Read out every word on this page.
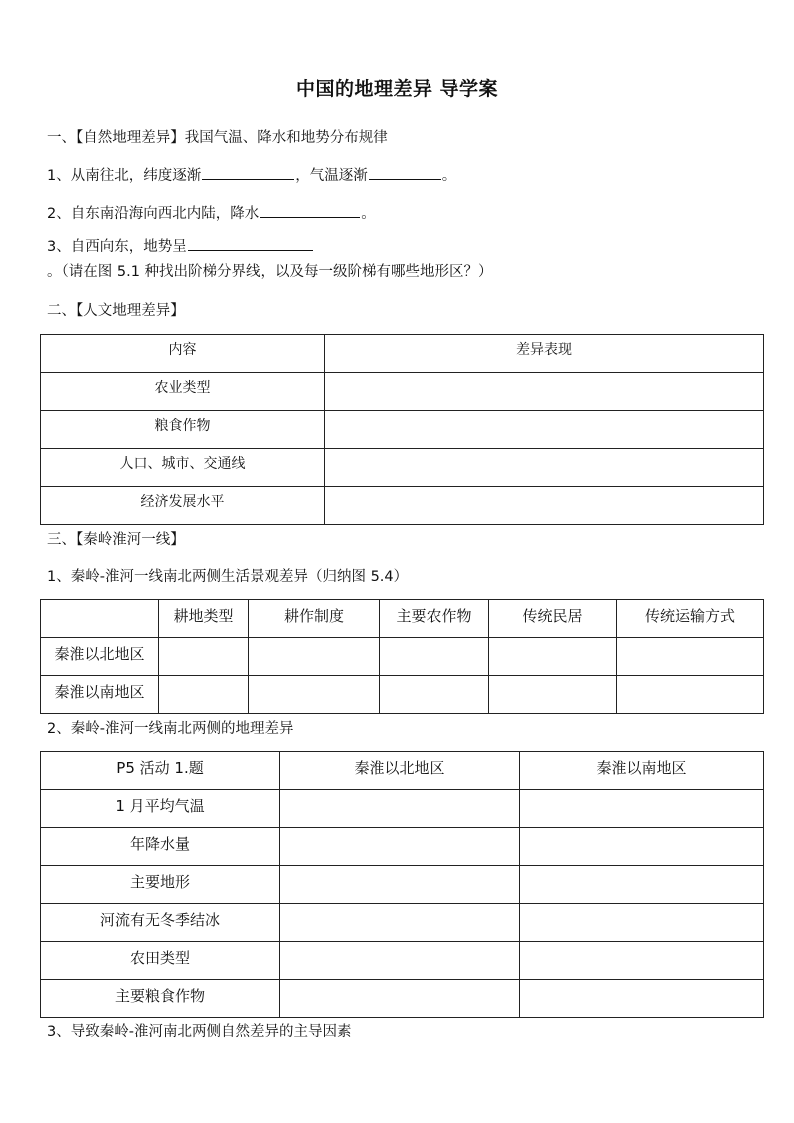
中国的地理差异 导学案
一、【自然地理差异】我国气温、降水和地势分布规律
1、从南往北，纬度逐渐	，气温逐渐	。
2、自东南沿海向西北内陆，降水	。
3、自西向东，地势呈。（请在图 5.1 种找出阶梯分界线，以及每一级阶梯有哪些地形区？）
二、【人文地理差异】
内容	差异表现
农业类型	
粮食作物	
人口、城市、交通线	
经济发展水平	
三、【秦岭淮河一线】
1、秦岭-淮河一线南北两侧生活景观差异（归纳图 5.4）
	耕地类型	耕作制度	主要农作物	传统民居	传统运输方式
秦淮以北地区					
秦淮以南地区					
2、秦岭-淮河一线南北两侧的地理差异
P5 活动 1.题	秦淮以北地区	秦淮以南地区
1 月平均气温		
年降水量		
主要地形		
河流有无冬季结冰		
农田类型		
主要粮食作物		
3、导致秦岭-淮河南北两侧自然差异的主导因素
